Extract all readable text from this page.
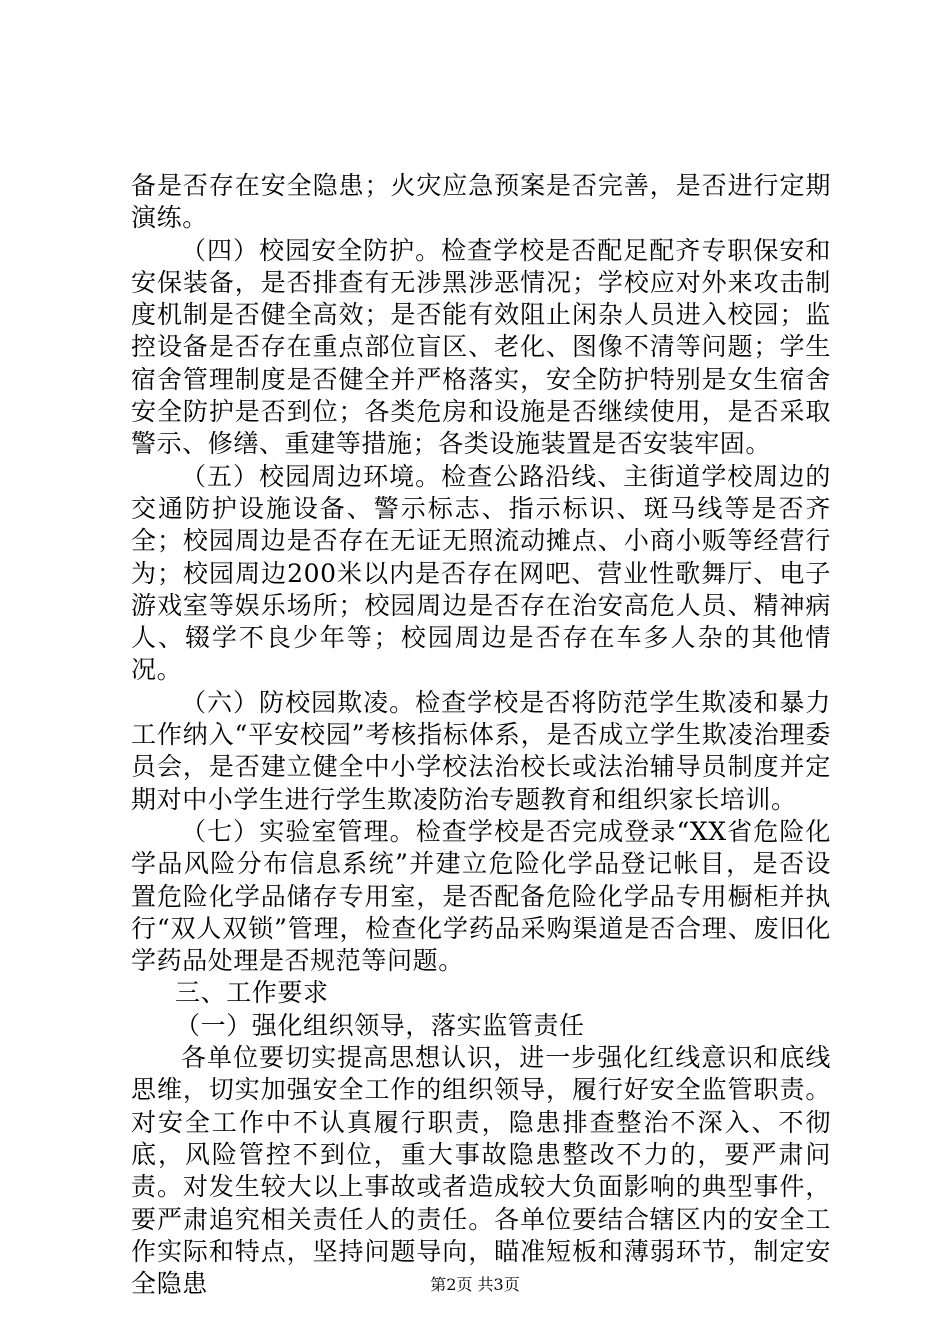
备是否存在安全隐患；火灾应急预案是否完善，是否进行定期演练。

（四）校园安全防护。检查学校是否配足配齐专职保安和安保装备，是否排查有无涉黑涉恶情况；学校应对外来攻击制度机制是否健全高效；是否能有效阻止闲杂人员进入校园；监控设备是否存在重点部位盲区、老化、图像不清等问题；学生宿舍管理制度是否健全并严格落实，安全防护特别是女生宿舍安全防护是否到位；各类危房和设施是否继续使用，是否采取警示、修缮、重建等措施；各类设施装置是否安装牢固。

（五）校园周边环境。检查公路沿线、主街道学校周边的交通防护设施设备、警示标志、指示标识、斑马线等是否齐全；校园周边是否存在无证无照流动摊点、小商小贩等经营行为；校园周边200米以内是否存在网吧、营业性歌舞厅、电子游戏室等娱乐场所；校园周边是否存在治安高危人员、精神病人、辍学不良少年等；校园周边是否存在车多人杂的其他情况。

（六）防校园欺凌。检查学校是否将防范学生欺凌和暴力工作纳入“平安校园”考核指标体系，是否成立学生欺凌治理委员会，是否建立健全中小学校法治校长或法治辅导员制度并定期对中小学生进行学生欺凌防治专题教育和组织家长培训。

（七）实验室管理。检查学校是否完成登录“XX省危险化学品风险分布信息系统”并建立危险化学品登记帐目，是否设置危险化学品储存专用室，是否配备危险化学品专用橱柜并执行“双人双锁”管理，检查化学药品采购渠道是否合理、废旧化学药品处理是否规范等问题。

三、工作要求

（一）强化组织领导，落实监管责任

各单位要切实提高思想认识，进一步强化红线意识和底线思维，切实加强安全工作的组织领导，履行好安全监管职责。对安全工作中不认真履行职责，隐患排查整治不深入、不彻底，风险管控不到位，重大事故隐患整改不力的，要严肃问责。对发生较大以上事故或者造成较大负面影响的典型事件，要严肃追究相关责任人的责任。各单位要结合辖区内的安全工作实际和特点，坚持问题导向，瞄准短板和薄弱环节，制定安全隐患	第2页 共3页
